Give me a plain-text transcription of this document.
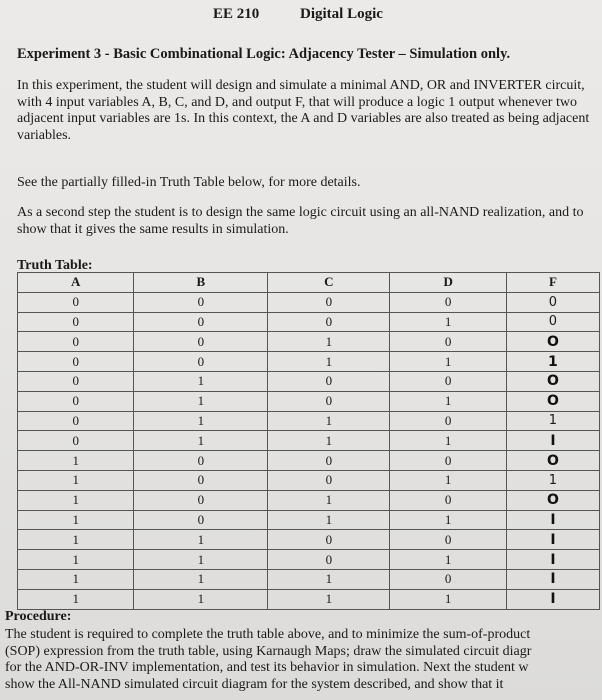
EE 210	Digital Logic
Experiment 3 - Basic Combinational Logic: Adjacency Tester – Simulation only.
In this experiment, the student will design and simulate a minimal AND, OR and INVERTER circuit, with 4 input variables A, B, C, and D, and output F, that will produce a logic 1 output whenever two adjacent input variables are 1s. In this context, the A and D variables are also treated as being adjacent variables.
See the partially filled-in Truth Table below, for more details.
As a second step the student is to design the same logic circuit using an all-NAND realization, and to show that it gives the same results in simulation.
Truth Table:
A	B	C	D	F
0	0	0	0	0
0	0	0	1	0
0	0	1	0	O
0	0	1	1	1
0	1	0	0	O
0	1	0	1	O
0	1	1	0	1
0	1	1	1	I
1	0	0	0	O
1	0	0	1	1
1	0	1	0	O
1	0	1	1	I
1	1	0	0	I
1	1	0	1	I
1	1	1	0	I
1	1	1	1	I
Procedure:
The student is required to complete the truth table above, and to minimize the sum-of-product
(SOP) expression from the truth table, using Karnaugh Maps; draw the simulated circuit diagr
for the AND-OR-INV implementation, and test its behavior in simulation. Next the student w
show the All-NAND simulated circuit diagram for the system described, and show that it
